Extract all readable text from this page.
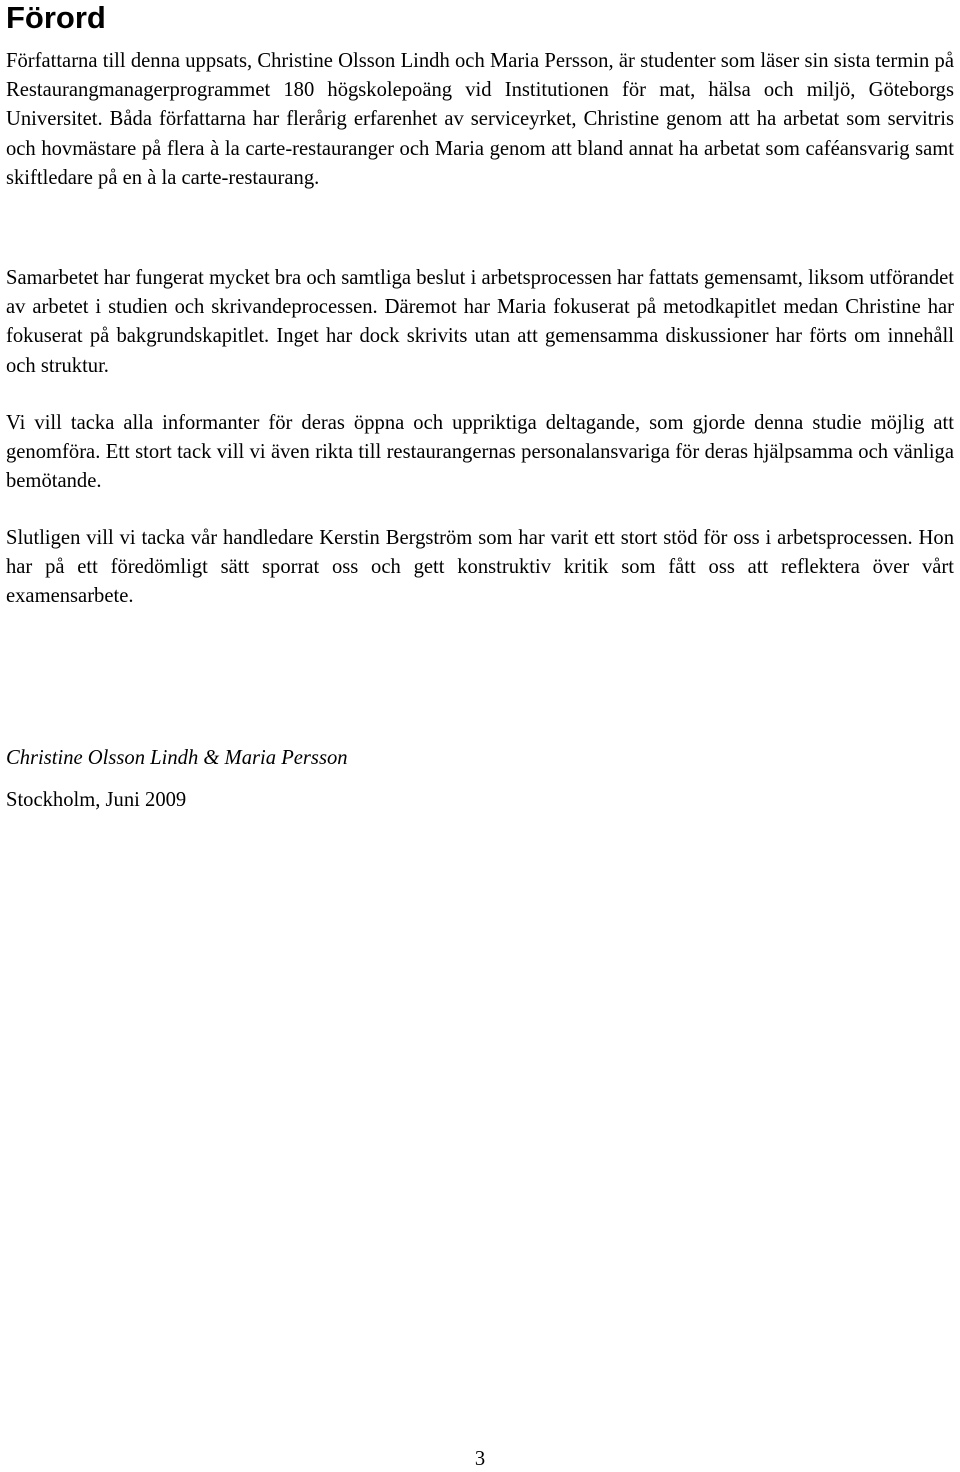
Förord

Författarna till denna uppsats, Christine Olsson Lindh och Maria Persson, är studenter som läser sin sista termin på Restaurangmanagerprogrammet 180 högskolepoäng vid Institutionen för mat, hälsa och miljö, Göteborgs Universitet. Båda författarna har flerårig erfarenhet av serviceyrket, Christine genom att ha arbetat som servitris och hovmästare på flera à la carte-restauranger och Maria genom att bland annat ha arbetat som caféansvarig samt skiftledare på en à la carte-restaurang.

Samarbetet har fungerat mycket bra och samtliga beslut i arbetsprocessen har fattats gemensamt, liksom utförandet av arbetet i studien och skrivandeprocessen. Däremot har Maria fokuserat på metodkapitlet medan Christine har fokuserat på bakgrundskapitlet. Inget har dock skrivits utan att gemensamma diskussioner har förts om innehåll och struktur.

Vi vill tacka alla informanter för deras öppna och uppriktiga deltagande, som gjorde denna studie möjlig att genomföra. Ett stort tack vill vi även rikta till restaurangernas personalansvariga för deras hjälpsamma och vänliga bemötande.

Slutligen vill vi tacka vår handledare Kerstin Bergström som har varit ett stort stöd för oss i arbetsprocessen. Hon har på ett föredömligt sätt sporrat oss och gett konstruktiv kritik som fått oss att reflektera över vårt examensarbete.

Christine Olsson Lindh & Maria Persson

Stockholm, Juni 2009

3
